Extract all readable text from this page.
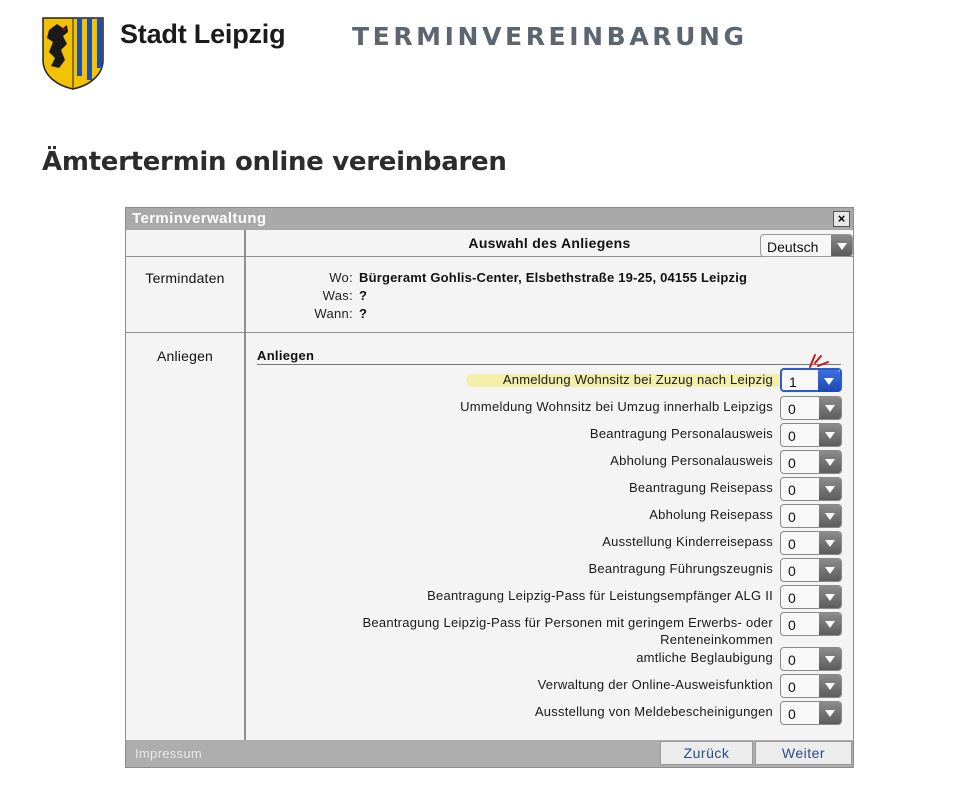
Stadt Leipzig	TERMINVEREINBARUNG
Ämtertermin online vereinbaren
Terminverwaltung	×
Auswahl des Anliegens	Deutsch
Termindaten	Wo: Bürgeramt Gohlis-Center, Elsbethstraße 19-25, 04155 Leipzig
Was: ?
Wann: ?
Anliegen	Anliegen
Anmeldung Wohnsitz bei Zuzug nach Leipzig 1
Ummeldung Wohnsitz bei Umzug innerhalb Leipzigs 0
Beantragung Personalausweis 0
Abholung Personalausweis 0
Beantragung Reisepass 0
Abholung Reisepass 0
Ausstellung Kinderreisepass 0
Beantragung Führungszeugnis 0
Beantragung Leipzig-Pass für Leistungsempfänger ALG II 0
Beantragung Leipzig-Pass für Personen mit geringem Erwerbs- oder
Renteneinkommen
0
amtliche Beglaubigung 0
Verwaltung der Online-Ausweisfunktion 0
Ausstellung von Meldebescheinigungen 0
Impressum	Zurück	Weiter
